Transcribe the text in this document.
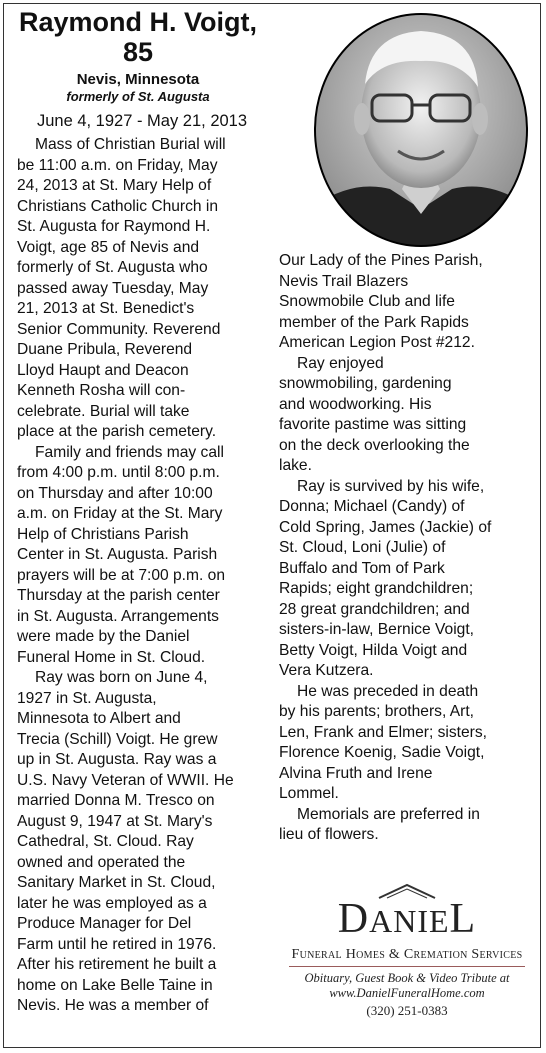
Raymond H. Voigt,
85
Nevis, Minnesota
formerly of St. Augusta
June 4, 1927 - May 21, 2013
Mass of Christian Burial will
be 11:00 a.m. on Friday, May
24, 2013 at St. Mary Help of
Christians Catholic Church in
St. Augusta for Raymond H.
Voigt, age 85 of Nevis and
formerly of St. Augusta who
passed away Tuesday, May
21, 2013 at St. Benedict's
Senior Community. Reverend
Duane Pribula, Reverend
Lloyd Haupt and Deacon
Kenneth Rosha will con-
celebrate. Burial will take
place at the parish cemetery.
Family and friends may call
from 4:00 p.m. until 8:00 p.m.
on Thursday and after 10:00
a.m. on Friday at the St. Mary
Help of Christians Parish
Center in St. Augusta. Parish
prayers will be at 7:00 p.m. on
Thursday at the parish center
in St. Augusta. Arrangements
were made by the Daniel
Funeral Home in St. Cloud.
Ray was born on June 4,
1927 in St. Augusta,
Minnesota to Albert and
Trecia (Schill) Voigt. He grew
up in St. Augusta. Ray was a
U.S. Navy Veteran of WWII. He
married Donna M. Tresco on
August 9, 1947 at St. Mary's
Cathedral, St. Cloud. Ray
owned and operated the
Sanitary Market in St. Cloud,
later he was employed as a
Produce Manager for Del
Farm until he retired in 1976.
After his retirement he built a
home on Lake Belle Taine in
Nevis. He was a member of
Our Lady of the Pines Parish,
Nevis Trail Blazers
Snowmobile Club and life
member of the Park Rapids
American Legion Post #212.
Ray enjoyed
snowmobiling, gardening
and woodworking. His
favorite pastime was sitting
on the deck overlooking the
lake.
Ray is survived by his wife,
Donna; Michael (Candy) of
Cold Spring, James (Jackie) of
St. Cloud, Loni (Julie) of
Buffalo and Tom of Park
Rapids; eight grandchildren;
28 great grandchildren; and
sisters-in-law, Bernice Voigt,
Betty Voigt, Hilda Voigt and
Vera Kutzera.
He was preceded in death
by his parents; brothers, Art,
Len, Frank and Elmer; sisters,
Florence Koenig, Sadie Voigt,
Alvina Fruth and Irene
Lommel.
Memorials are preferred in
lieu of flowers.
DANIEL
Funeral Homes & Cremation Services
Obituary, Guest Book & Video Tribute at
www.DanielFuneralHome.com
(320) 251-0383
